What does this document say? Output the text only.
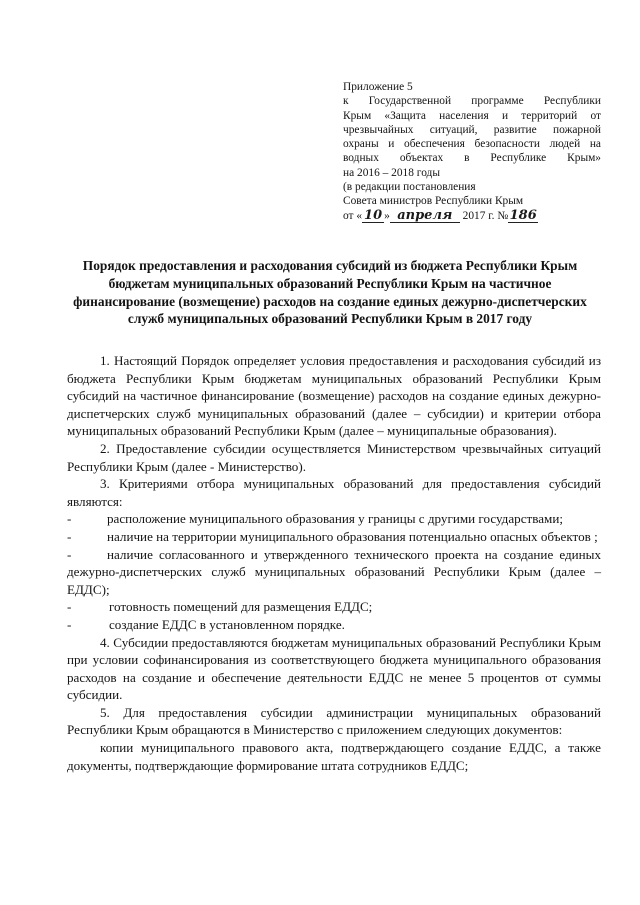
Приложение 5
к Государственной программе Республики
Крым «Защита населения и территорий от
чрезвычайных ситуаций, развитие пожарной
охраны и обеспечения безопасности людей на
водных объектах в Республике Крым»
на 2016 – 2018 годы
(в редакции постановления
Совета министров Республики Крым
от « 10 » апреля 2017 г. №186
Порядок предоставления и расходования субсидий из бюджета Республики Крым бюджетам муниципальных образований Республики Крым на частичное финансирование (возмещение) расходов на создание единых дежурно-диспетчерских служб муниципальных образований Республики Крым в 2017 году

1. Настоящий Порядок определяет условия предоставления и расходования субсидий из бюджета Республики Крым бюджетам муниципальных образований Республики Крым субсидий на частичное финансирование (возмещение) расходов на создание единых дежурно-диспетчерских служб муниципальных образований (далее – субсидии) и критерии отбора муниципальных образований Республики Крым (далее – муниципальные образования).

2. Предоставление субсидии осуществляется Министерством чрезвычайных ситуаций Республики Крым (далее - Министерство).

3. Критериями отбора муниципальных образований для предоставления субсидий являются:

-	расположение муниципального образования у границы с другими государствами;

-	наличие на территории муниципального образования потенциально опасных объектов ;

-	наличие согласованного и утвержденного технического проекта на создание единых дежурно-диспетчерских служб муниципальных образований Республики Крым (далее – ЕДДС);

-	готовность помещений для размещения ЕДДС;

-	создание ЕДДС в установленном порядке.

4. Субсидии предоставляются бюджетам муниципальных образований Республики Крым при условии софинансирования из соответствующего бюджета муниципального образования расходов на создание и обеспечение деятельности ЕДДС не менее 5 процентов от суммы субсидии.

5. Для предоставления субсидии администрации муниципальных образований Республики Крым обращаются в Министерство с приложением следующих документов:

копии муниципального правового акта, подтверждающего создание ЕДДС, а также документы, подтверждающие формирование штата сотрудников ЕДДС;
